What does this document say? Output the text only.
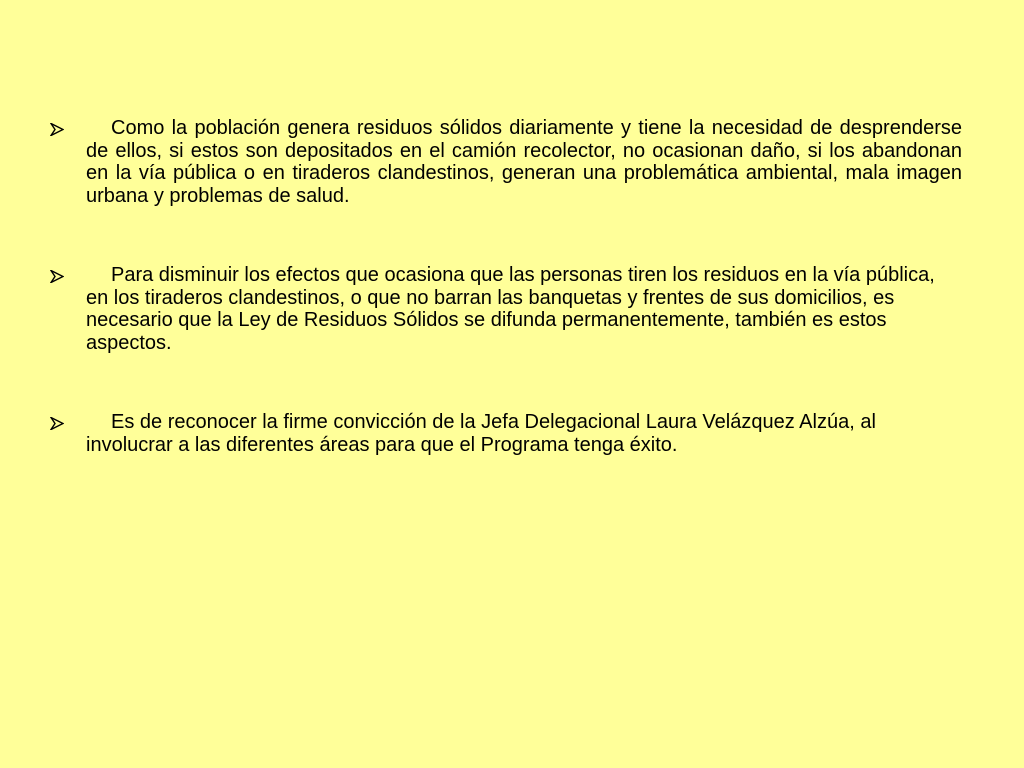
Como la población genera residuos sólidos diariamente y tiene la necesidad de desprenderse de ellos, si estos son depositados en el camión recolector, no ocasionan daño, si los abandonan en la vía pública o en tiraderos clandestinos, generan una problemática ambiental, mala imagen urbana y problemas de salud.
Para disminuir los efectos que ocasiona que las personas tiren los residuos en la vía pública, en los tiraderos clandestinos, o que no barran las banquetas y frentes de sus domicilios, es necesario que la Ley de Residuos Sólidos se difunda permanentemente, también es estos aspectos.
Es de reconocer la firme convicción de la Jefa Delegacional Laura Velázquez Alzúa, al involucrar a las diferentes áreas para que el Programa tenga éxito.
